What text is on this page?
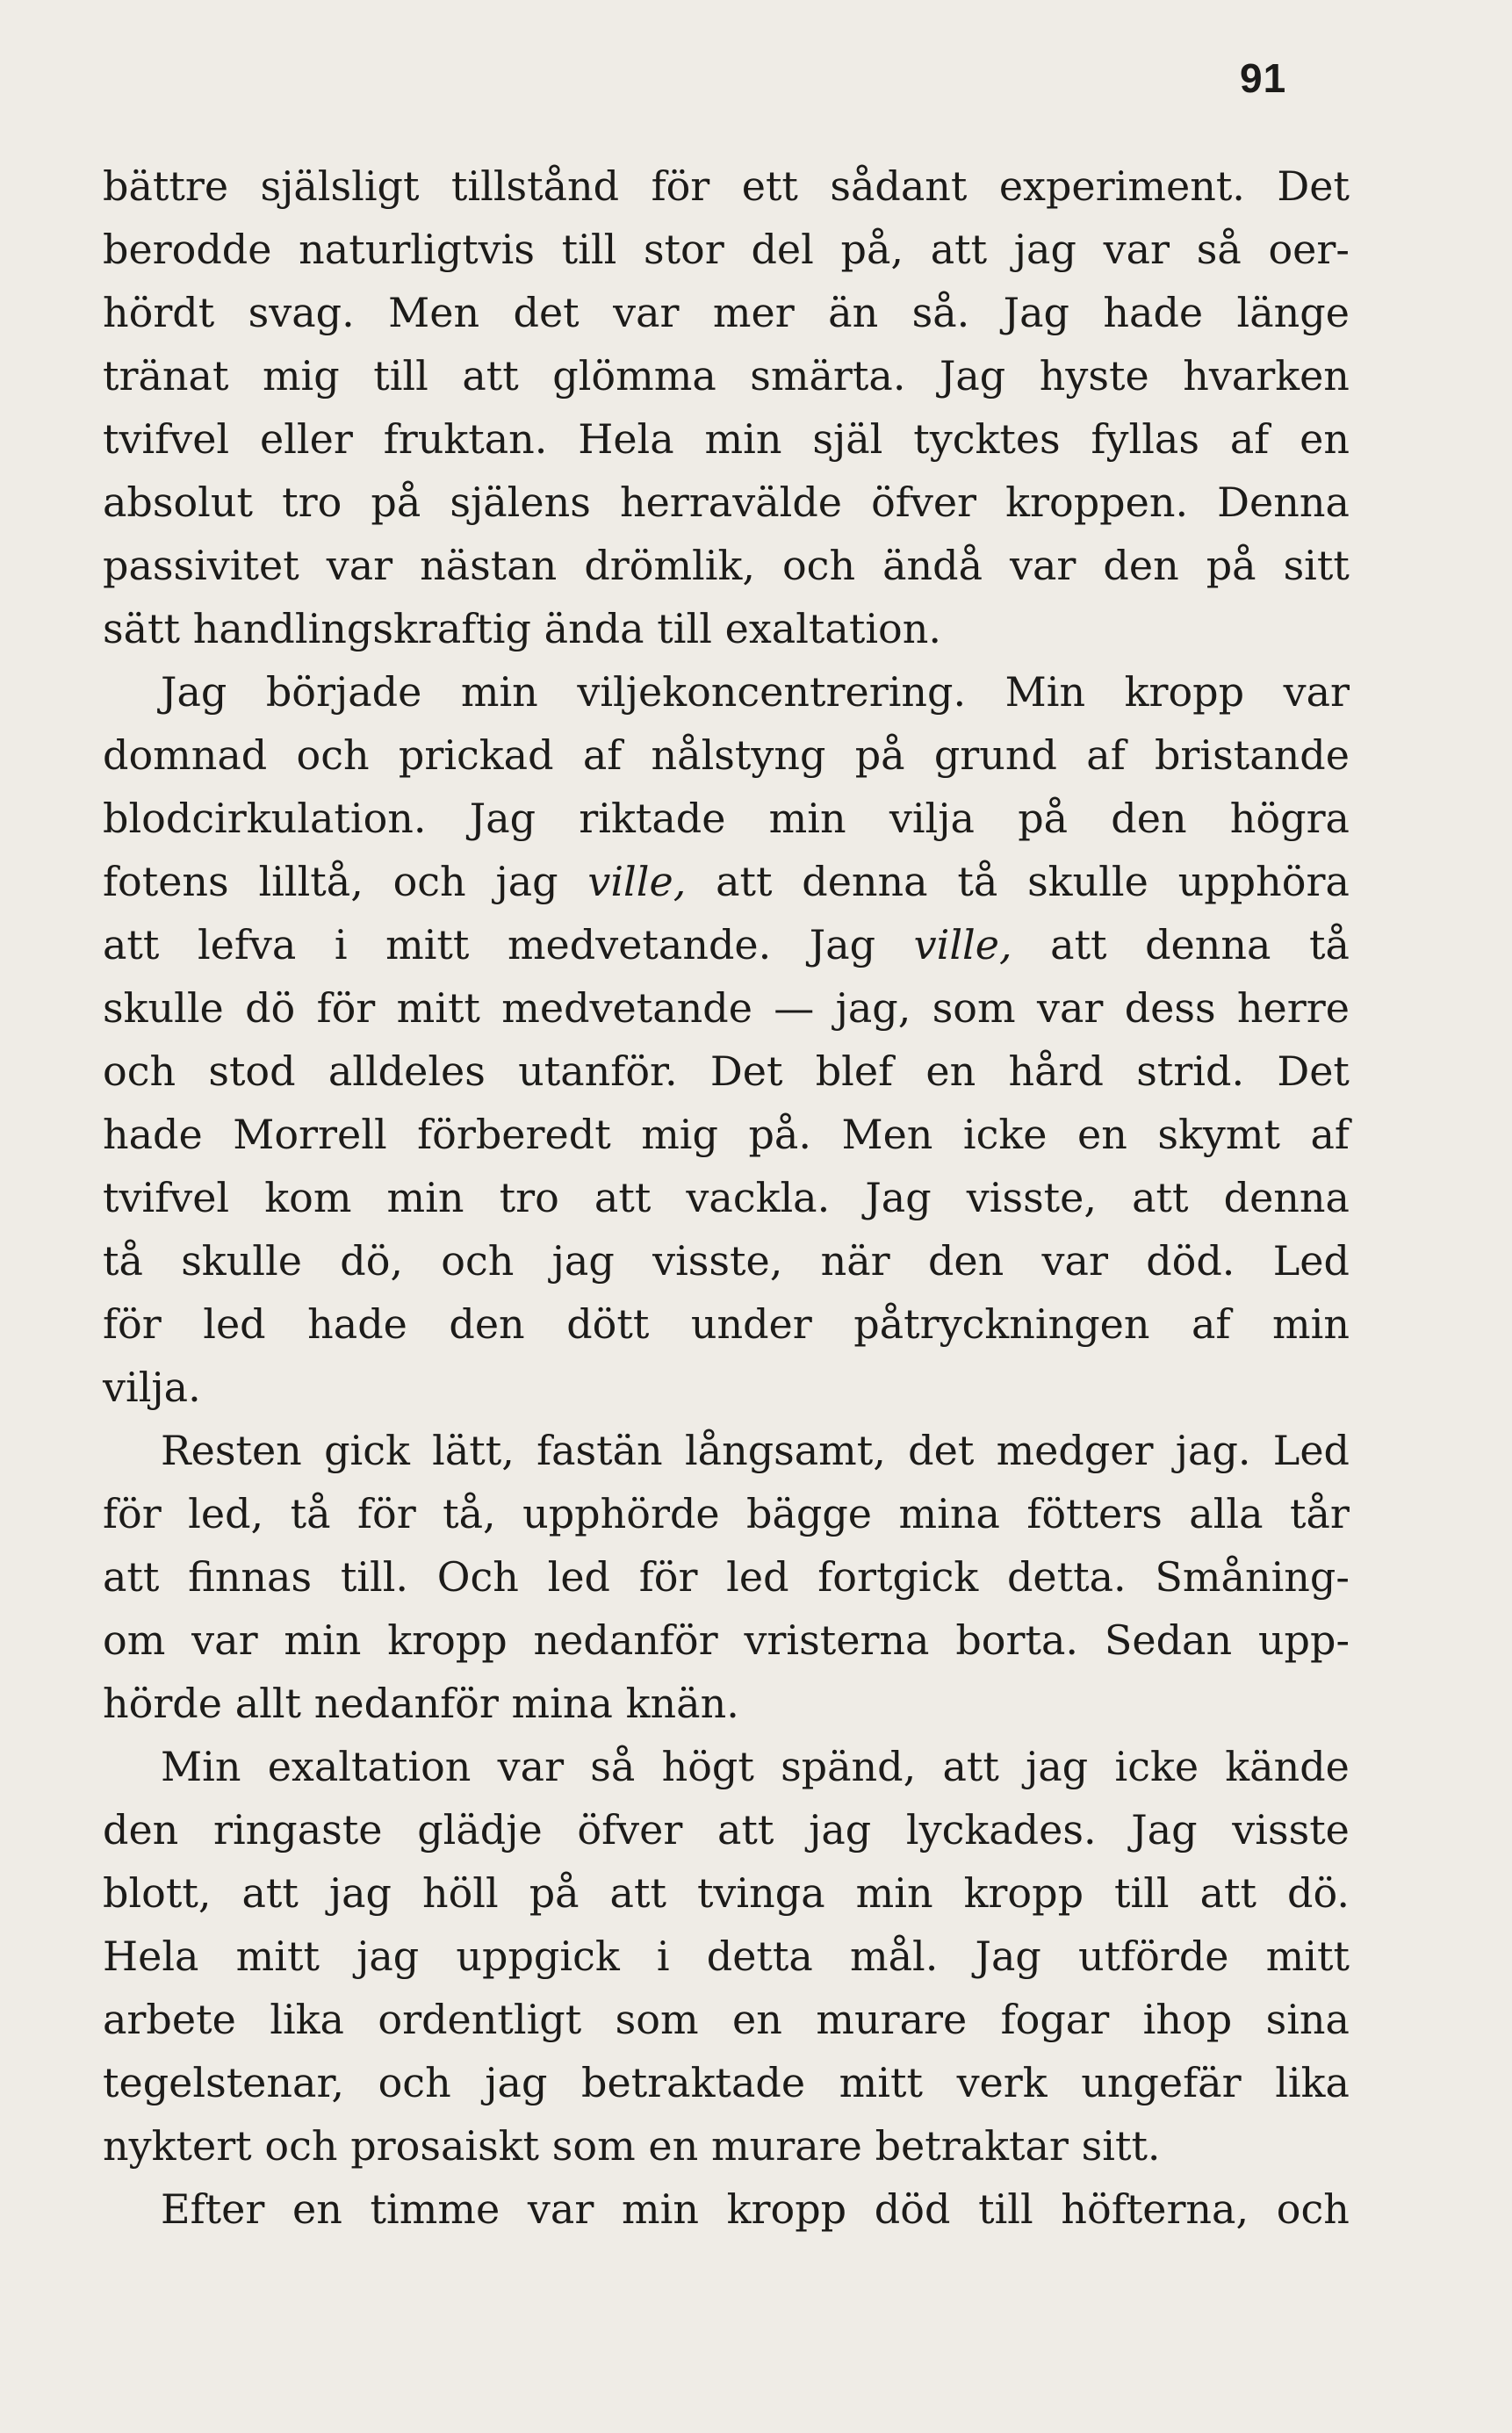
91
bättre själsligt tillstånd för ett sådant experiment. Det
berodde naturligtvis till stor del på, att jag var så oer-
hördt svag. Men det var mer än så. Jag hade länge
tränat mig till att glömma smärta. Jag hyste hvarken
tvifvel eller fruktan. Hela min själ tycktes fyllas af en
absolut tro på själens herravälde öfver kroppen. Denna
passivitet var nästan drömlik, och ändå var den på sitt
sätt handlingskraftig ända till exaltation.
Jag började min viljekoncentrering. Min kropp var
domnad och prickad af nålstyng på grund af bristande
blodcirkulation. Jag riktade min vilja på den högra
fotens lilltå, och jag ville, att denna tå skulle upphöra
att lefva i mitt medvetande. Jag ville, att denna tå
skulle dö för mitt medvetande — jag, som var dess herre
och stod alldeles utanför. Det blef en hård strid. Det
hade Morrell förberedt mig på. Men icke en skymt af
tvifvel kom min tro att vackla. Jag visste, att denna
tå skulle dö, och jag visste, när den var död. Led
för led hade den dött under påtryckningen af min
vilja.
Resten gick lätt, fastän långsamt, det medger jag. Led
för led, tå för tå, upphörde bägge mina fötters alla tår
att finnas till. Och led för led fortgick detta. Småning-
om var min kropp nedanför vristerna borta. Sedan upp-
hörde allt nedanför mina knän.
Min exaltation var så högt spänd, att jag icke kände
den ringaste glädje öfver att jag lyckades. Jag visste
blott, att jag höll på att tvinga min kropp till att dö.
Hela mitt jag uppgick i detta mål. Jag utförde mitt
arbete lika ordentligt som en murare fogar ihop sina
tegelstenar, och jag betraktade mitt verk ungefär lika
nyktert och prosaiskt som en murare betraktar sitt.
Efter en timme var min kropp död till höfterna, och
